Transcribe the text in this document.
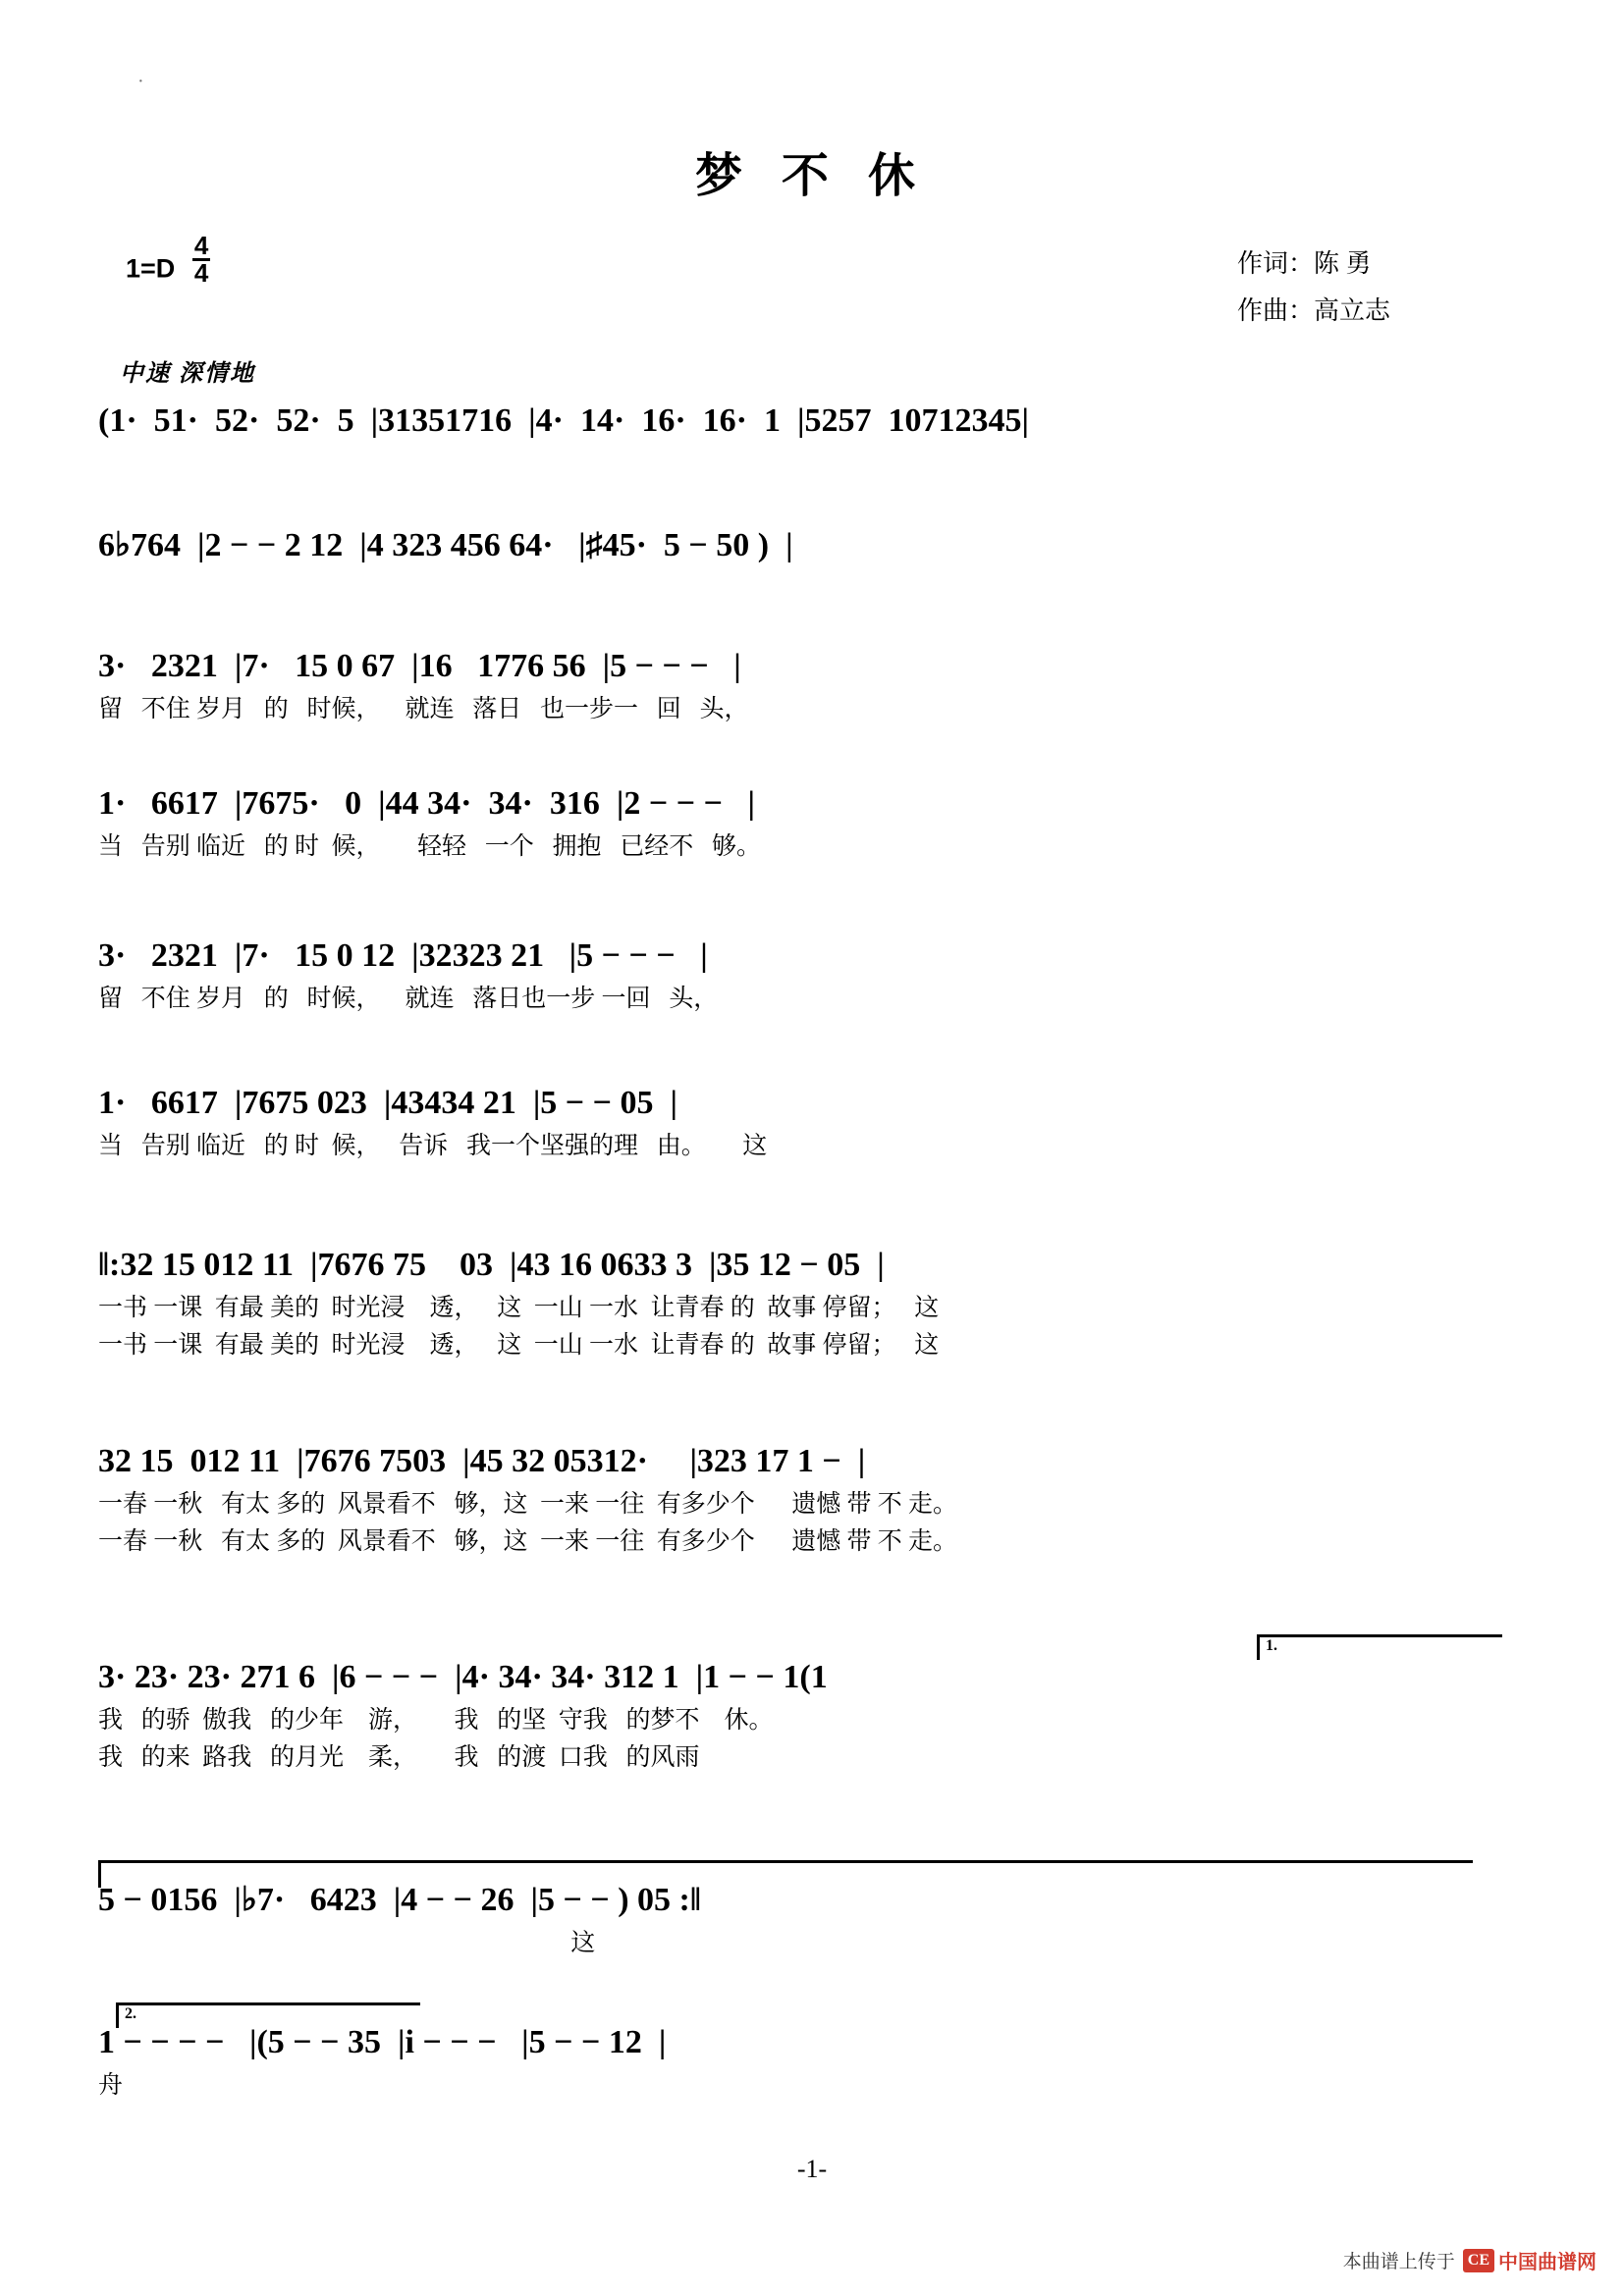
·
梦 不 休
$1=D \frac{4}{4}$	作词：陈 勇
作曲：高立志
中速 深情地
(1·  51·  52·  52·  5  |31351716  |4·  14·  16·  16·  1  |5257  10712345|
6♭764  |2 − − 2 12  |4 323 456 64·   |♯45·  5 − 50 )  |
3·   2321  |7·   15 0 67  |16   1776 56  |5 − − −   |
留   不住 岁月   的   时候，    就连   落日   也一步一   回   头，
1·   6617  |7675·   0  |44 34·  34·  316  |2 − − −   |
当   告别 临近   的 时  候，      轻轻   一个   拥抱   已经不   够。
3·   2321  |7·   15 0 12  |32323 21   |5 − − −   |
留   不住 岁月   的   时候，    就连   落日也一步 一回   头，
1·   6617  |7675 023  |43434 21  |5 − − 05  |
当   告别 临近   的 时  候，   告诉   我一个坚强的理   由。      这
‖:32 15 012 11  |7676 75    03  |43 16 0633 3  |35 12 − 05  |
一书 一课  有最 美的  时光浸    透，   这  一山 一水  让青春 的  故事 停留；   这
一书 一课  有最 美的  时光浸    透，   这  一山 一水  让青春 的  故事 停留；   这
32 15  012 11  |7676 7503  |45 32 05312·     |323 17 1 −  |
一春 一秋   有太 多的  风景看不   够，这  一来 一往  有多少个      遗憾 带 不 走。
一春 一秋   有太 多的  风景看不   够，这  一来 一往  有多少个      遗憾 带 不 走。
1.
3· 23· 23· 271 6  |6 − − −  |4· 34· 34· 312 1  |1 − − 1(1
我   的骄  傲我   的少年    游，      我   的坚  守我   的梦不    休。
我   的来  路我   的月光    柔，      我   的渡  口我   的风雨
5 − 0156  |♭7·   6423  |4 − − 26  |5 − − ) 05 :‖
这
2.
1 − − − −   |(5 − − 35  |i − − −   |5 − − 12  |
舟
-1-
本曲谱上传于 CE 中国曲谱网
